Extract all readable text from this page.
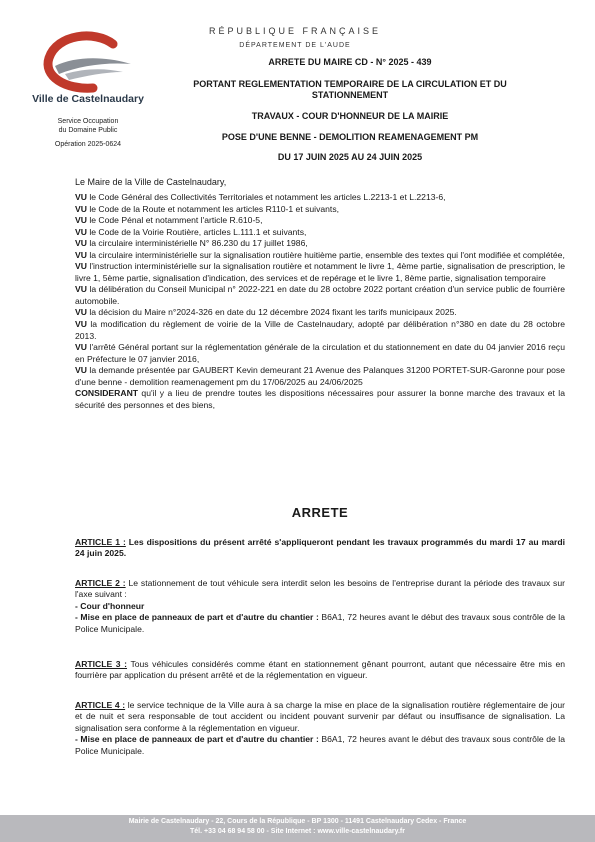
RÉPUBLIQUE FRANÇAISE
DÉPARTEMENT DE L'AUDE
Ville de Castelnaudary
Service Occupation
du Domaine Public
Opération 2025-0624
ARRETE DU MAIRE CD - N° 2025 - 439
PORTANT REGLEMENTATION TEMPORAIRE DE LA CIRCULATION ET DU
STATIONNEMENT
TRAVAUX - COUR D'HONNEUR DE LA MAIRIE
POSE D'UNE BENNE - DEMOLITION REAMENAGEMENT PM
DU 17 JUIN 2025 AU 24 JUIN 2025
Le Maire de la Ville de Castelnaudary,

VU le Code Général des Collectivités Territoriales et notamment les articles L.2213-1 et L.2213-6,

VU le Code de la Route et notamment les articles R110-1 et suivants,

VU le Code Pénal et notamment l'article R.610-5,

VU le Code de la Voirie Routière, articles L.111.1 et suivants,

VU la circulaire interministérielle N° 86.230 du 17 juillet 1986,

VU la circulaire interministérielle sur la signalisation routière huitième partie, ensemble des textes qui l'ont modifiée et complétée,

VU l'instruction interministérielle sur la signalisation routière et notamment le livre 1, 4ème partie, signalisation de prescription, le livre 1, 5ème partie, signalisation d'indication, des services et de repérage et le livre 1, 8ème partie, signalisation temporaire

VU la délibération du Conseil Municipal n° 2022-221 en date du 28 octobre 2022 portant création d'un service public de fourrière automobile.

VU la décision du Maire n°2024-326 en date du 12 décembre 2024 fixant les tarifs municipaux 2025.

VU la modification du règlement de voirie de la Ville de Castelnaudary, adopté par délibération n°380 en date du 28 octobre 2013.

VU l'arrêté Général portant sur la réglementation générale de la circulation et du stationnement en date du 04 janvier 2016 reçu en Préfecture le 07 janvier 2016,

VU la demande présentée par GAUBERT Kevin demeurant 21 Avenue des Palanques 31200 PORTET-SUR-Garonne pour pose d'une benne - demolition reamenagement pm du 17/06/2025 au 24/06/2025

CONSIDERANT qu'il y a lieu de prendre toutes les dispositions nécessaires pour assurer la bonne marche des travaux et la sécurité des personnes et des biens,

ARRETE

ARTICLE 1 : Les dispositions du présent arrêté s'appliqueront pendant les travaux programmés du mardi 17 au mardi 24 juin 2025.

ARTICLE 2 : Le stationnement de tout véhicule sera interdit selon les besoins de l'entreprise durant la période des travaux sur l'axe suivant :

- Cour d'honneur

- Mise en place de panneaux de part et d'autre du chantier : B6A1, 72 heures avant le début des travaux sous contrôle de la Police Municipale.

ARTICLE 3 : Tous véhicules considérés comme étant en stationnement gênant pourront, autant que nécessaire être mis en fourrière par application du présent arrêté et de la réglementation en vigueur.

ARTICLE 4 : le service technique de la Ville aura à sa charge la mise en place de la signalisation routière réglementaire de jour et de nuit et sera responsable de tout accident ou incident pouvant survenir par défaut ou insuffisance de signalisation. La signalisation sera conforme à la réglementation en vigueur.

- Mise en place de panneaux de part et d'autre du chantier : B6A1, 72 heures avant le début des travaux sous contrôle de la Police Municipale.

Mairie de Castelnaudary - 22, Cours de la République - BP 1300 - 11491 Castelnaudary Cedex - France
Tél. +33 04 68 94 58 00 - Site Internet : www.ville-castelnaudary.fr
